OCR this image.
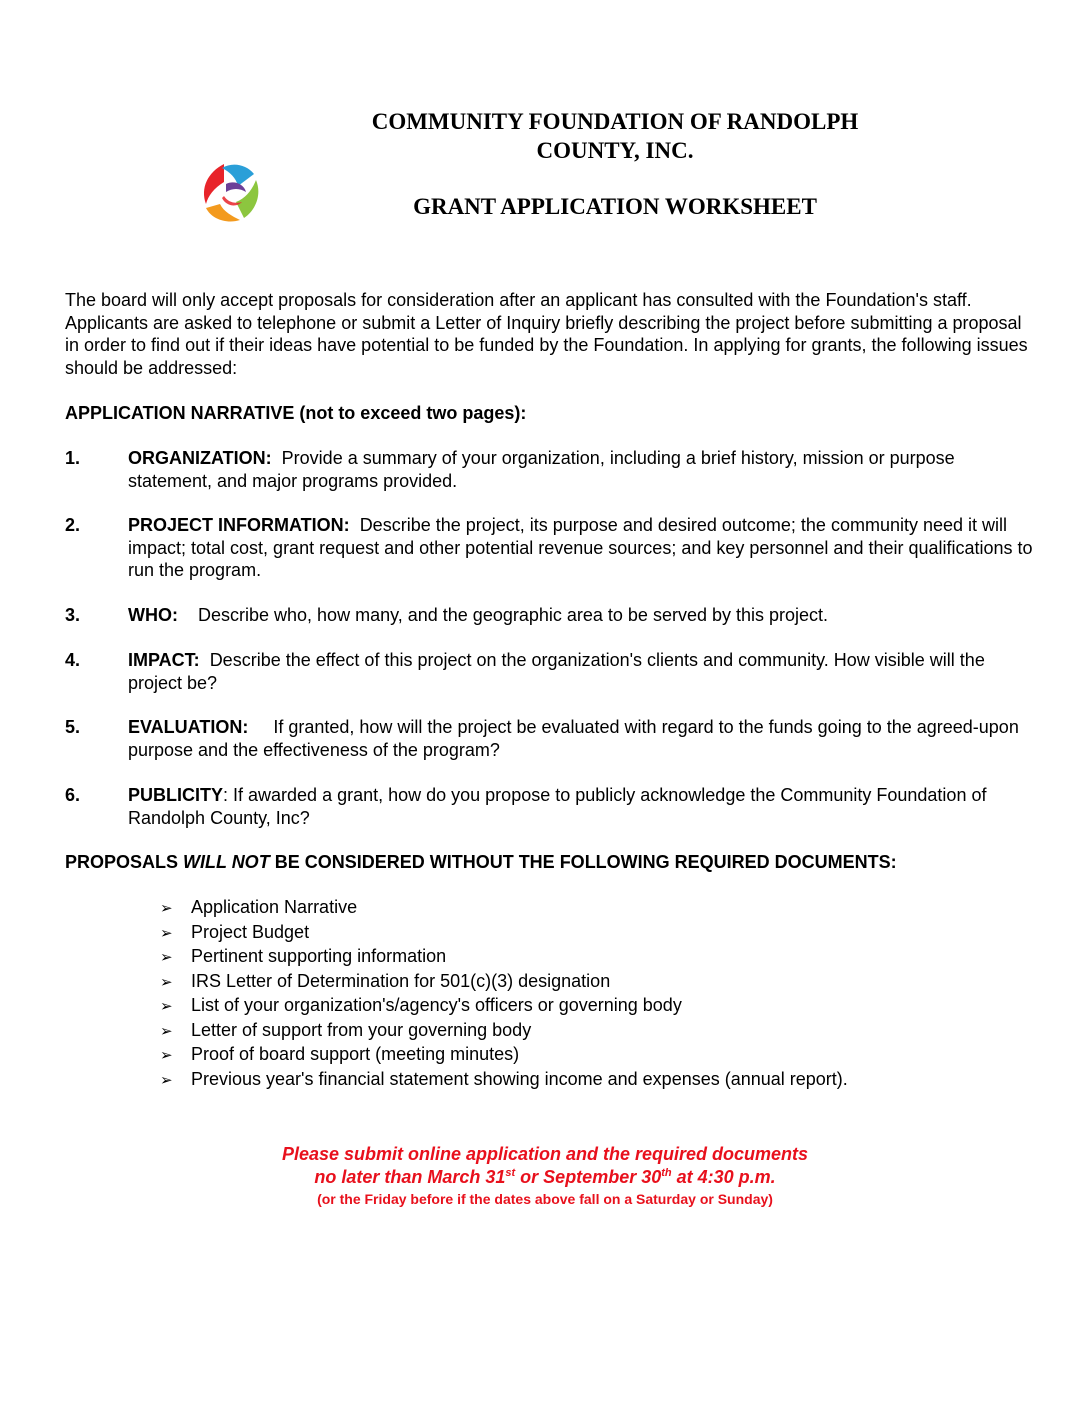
COMMUNITY FOUNDATION OF RANDOLPH
COUNTY, INC.
GRANT APPLICATION WORKSHEET
The board will only accept proposals for consideration after an applicant has consulted with the Foundation's staff. Applicants are asked to telephone or submit a Letter of Inquiry briefly describing the project before submitting a proposal in order to find out if their ideas have potential to be funded by the Foundation. In applying for grants, the following issues should be addressed:
APPLICATION NARRATIVE (not to exceed two pages):
1.	ORGANIZATION: Provide a summary of your organization, including a brief history, mission or purpose statement, and major programs provided.
2.	PROJECT INFORMATION: Describe the project, its purpose and desired outcome; the community need it will impact; total cost, grant request and other potential revenue sources; and key personnel and their qualifications to run the program.
3.	WHO: Describe who, how many, and the geographic area to be served by this project.
4.	IMPACT: Describe the effect of this project on the organization's clients and community. How visible will the project be?
5.	EVALUATION: If granted, how will the project be evaluated with regard to the funds going to the agreed-upon purpose and the effectiveness of the program?
6.	PUBLICITY: If awarded a grant, how do you propose to publicly acknowledge the Community Foundation of Randolph County, Inc?
PROPOSALS WILL NOT BE CONSIDERED WITHOUT THE FOLLOWING REQUIRED DOCUMENTS:
➢ Application Narrative
➢ Project Budget
➢ Pertinent supporting information
➢ IRS Letter of Determination for 501(c)(3) designation
➢ List of your organization's/agency's officers or governing body
➢ Letter of support from your governing body
➢ Proof of board support (meeting minutes)
➢ Previous year's financial statement showing income and expenses (annual report).
Please submit online application and the required documents
no later than March 31st or September 30th at 4:30 p.m.
(or the Friday before if the dates above fall on a Saturday or Sunday)
